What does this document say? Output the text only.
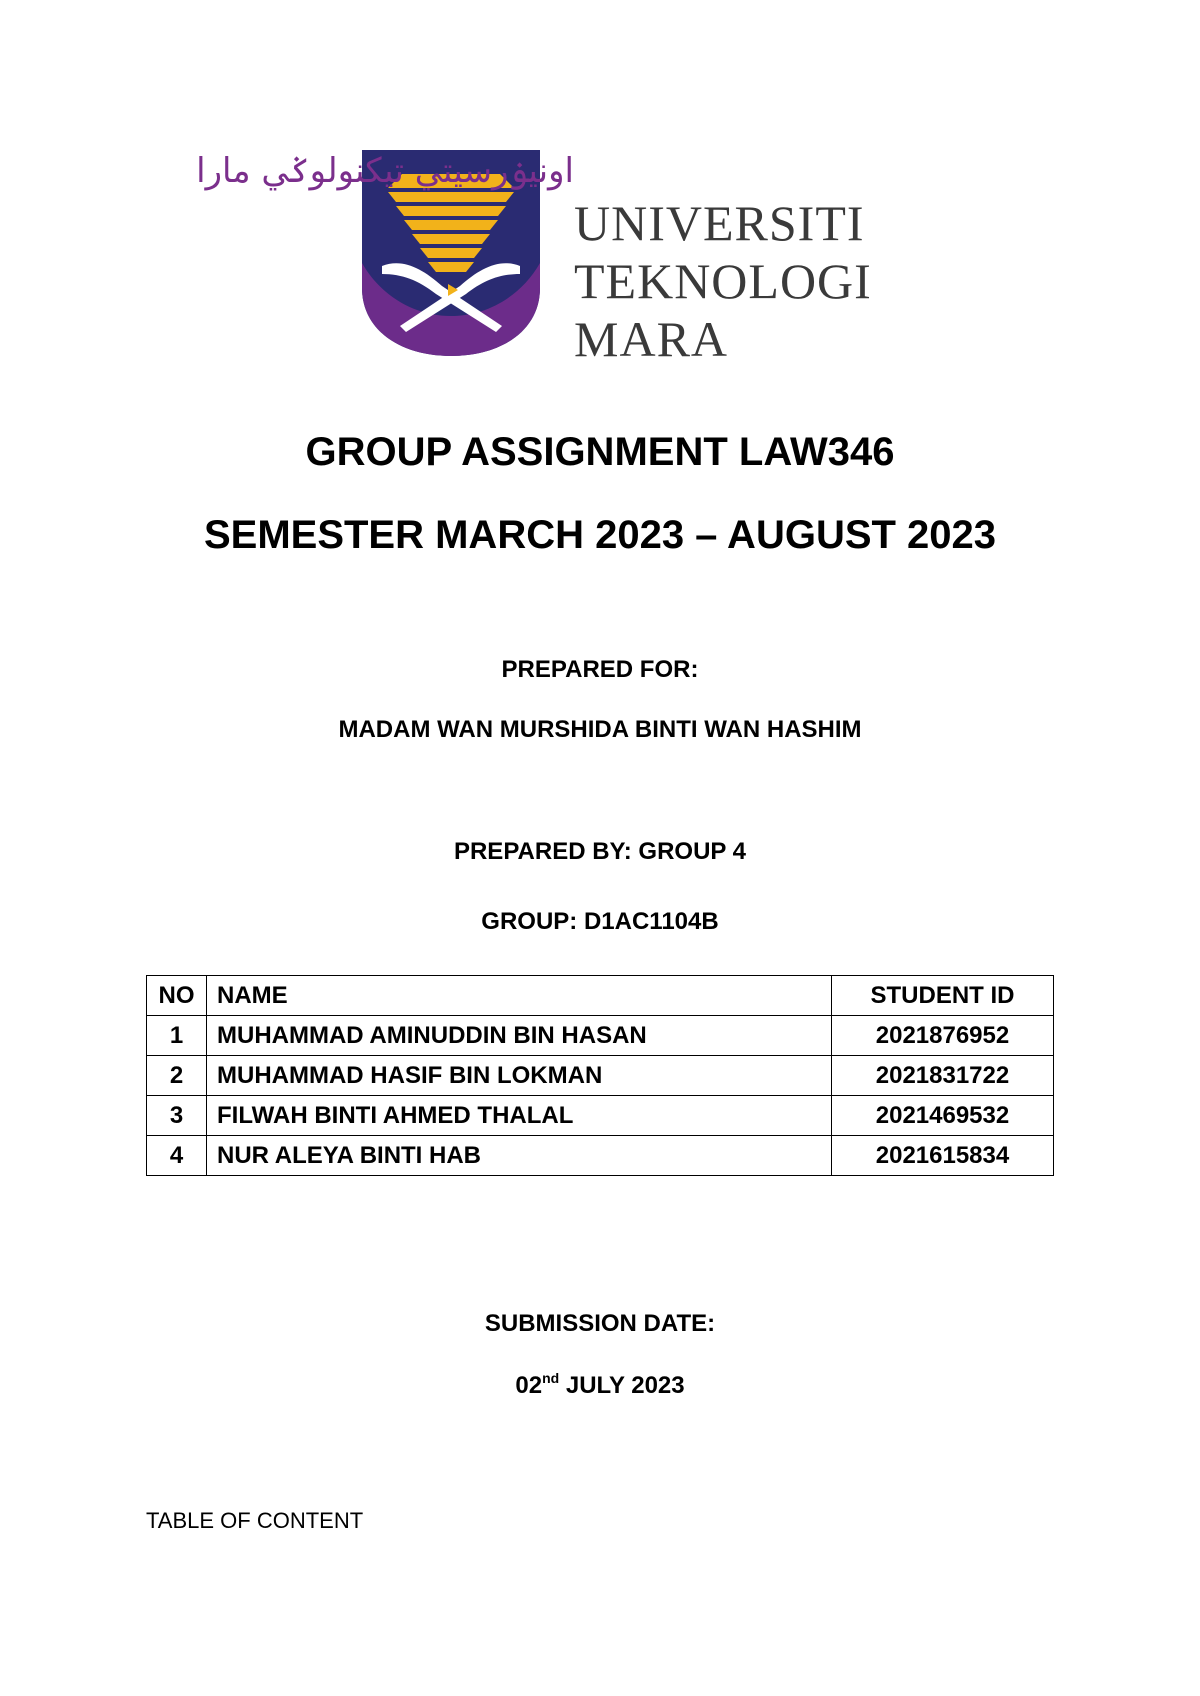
اونيۏرسيتي تيكنولوݢي مارا
UNIVERSITI
TEKNOLOGI
MARA
GROUP ASSIGNMENT LAW346
SEMESTER MARCH 2023 – AUGUST 2023
PREPARED FOR:
MADAM WAN MURSHIDA BINTI WAN HASHIM
PREPARED BY: GROUP 4
GROUP: D1AC1104B
NO	NAME	STUDENT ID
1	MUHAMMAD AMINUDDIN BIN HASAN	2021876952
2	MUHAMMAD HASIF BIN LOKMAN	2021831722
3	FILWAH BINTI AHMED THALAL	2021469532
4	NUR ALEYA BINTI HAB	2021615834
SUBMISSION DATE:
02nd JULY 2023
TABLE OF CONTENT
